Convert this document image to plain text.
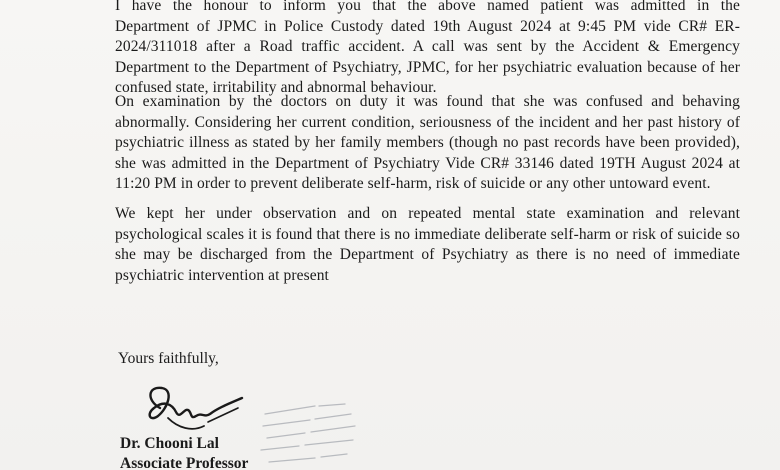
I have the honour to inform you that the above named patient was admitted in the
Department of JPMC in Police Custody dated 19th August 2024 at 9:45 PM vide CR# ER-
2024/311018 after a Road traffic accident. A call was sent by the Accident & Emergency
Department to the Department of Psychiatry, JPMC, for her psychiatric evaluation because of her
confused state, irritability and abnormal behaviour.
On examination by the doctors on duty it was found that she was confused and behaving
abnormally. Considering her current condition, seriousness of the incident and her past history of
psychiatric illness as stated by her family members (though no past records have been provided),
she was admitted in the Department of Psychiatry Vide CR# 33146 dated 19TH August 2024 at
11:20 PM in order to prevent deliberate self-harm, risk of suicide or any other untoward event.
We kept her under observation and on repeated mental state examination and relevant
psychological scales it is found that there is no immediate deliberate self-harm or risk of suicide so
she may be discharged from the Department of Psychiatry as there is no need of immediate
psychiatric intervention at present
Yours faithfully,
Dr. Chooni Lal
Associate Professor
